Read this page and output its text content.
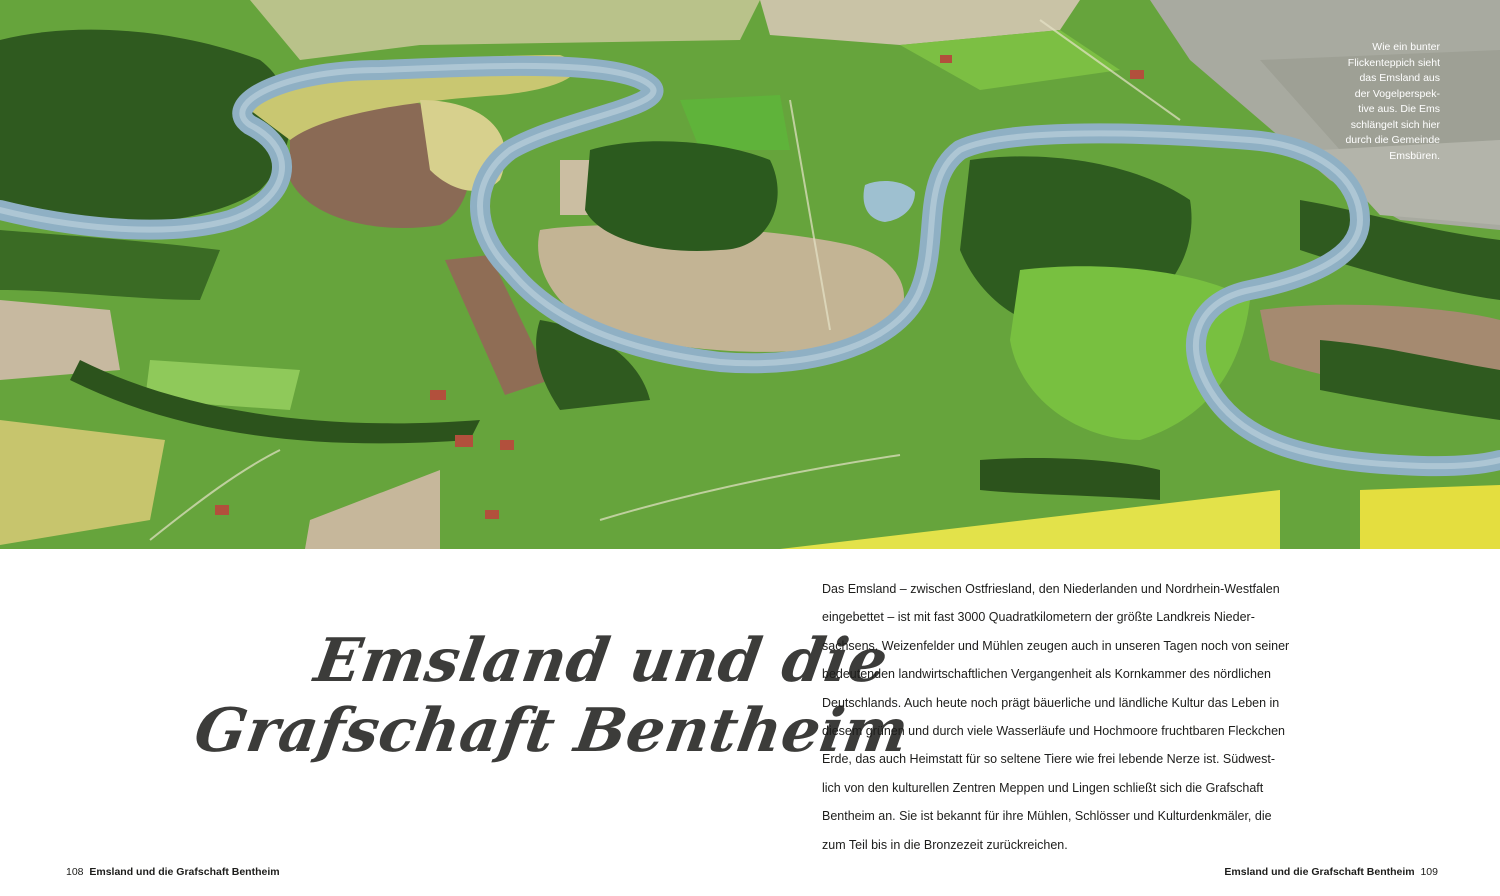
Wie ein bunter
Flickenteppich sieht
das Emsland aus
der Vogelperspek-
tive aus. Die Ems
schlängelt sich hier
durch die Gemeinde
Emsbüren.
Emsland und die
Grafschaft Bentheim
Das Emsland – zwischen Ostfriesland, den Niederlanden und Nordrhein-Westfalen
eingebettet – ist mit fast 3000 Quadratkilometern der größte Landkreis Nieder-
sachsens. Weizenfelder und Mühlen zeugen auch in unseren Tagen noch von seiner
bedeutenden landwirtschaftlichen Vergangenheit als Kornkammer des nördlichen
Deutschlands. Auch heute noch prägt bäuerliche und ländliche Kultur das Leben in
diesem grünen und durch viele Wasserläufe und Hochmoore fruchtbaren Fleckchen
Erde, das auch Heimstatt für so seltene Tiere wie frei lebende Nerze ist. Südwest-
lich von den kulturellen Zentren Meppen und Lingen schließt sich die Grafschaft
Bentheim an. Sie ist bekannt für ihre Mühlen, Schlösser und Kulturdenkmäler, die
zum Teil bis in die Bronzezeit zurückreichen.
108 Emsland und die Grafschaft Bentheim	Emsland und die Grafschaft Bentheim 109
